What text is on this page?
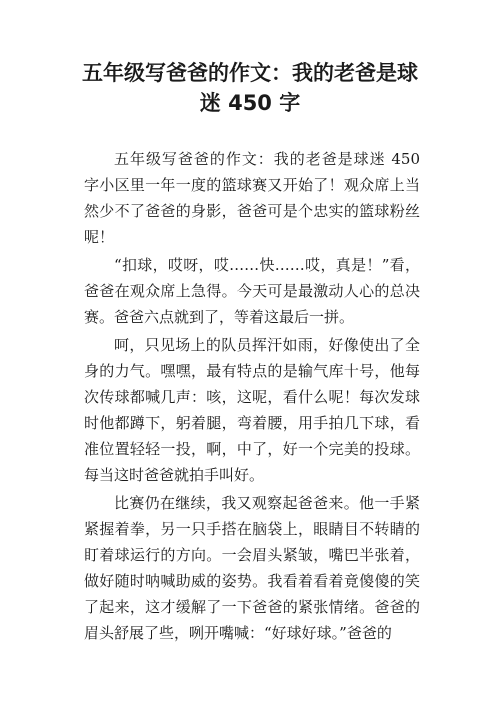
五年级写爸爸的作文：我的老爸是球
迷 450 字

五年级写爸爸的作文：我的老爸是球迷 450 字小区里一年一度的篮球赛又开始了！观众席上当然少不了爸爸的身影，爸爸可是个忠实的篮球粉丝呢！

“扣球，哎呀，哎……快……哎，真是！”看，爸爸在观众席上急得。今天可是最激动人心的总决赛。爸爸六点就到了，等着这最后一拼。

呵，只见场上的队员挥汗如雨，好像使出了全身的力气。嘿嘿，最有特点的是输气库十号，他每次传球都喊几声：咳，这呢，看什么呢！每次发球时他都蹲下，躬着腿，弯着腰，用手拍几下球，看准位置轻轻一投，啊，中了，好一个完美的投球。每当这时爸爸就拍手叫好。

比赛仍在继续，我又观察起爸爸来。他一手紧紧握着拳，另一只手搭在脑袋上，眼睛目不转睛的盯着球运行的方向。一会眉头紧皱，嘴巴半张着，做好随时呐喊助威的姿势。我看着看着竟傻傻的笑了起来，这才缓解了一下爸爸的紧张情绪。爸爸的眉头舒展了些，咧开嘴喊：“好球好球。”爸爸的
